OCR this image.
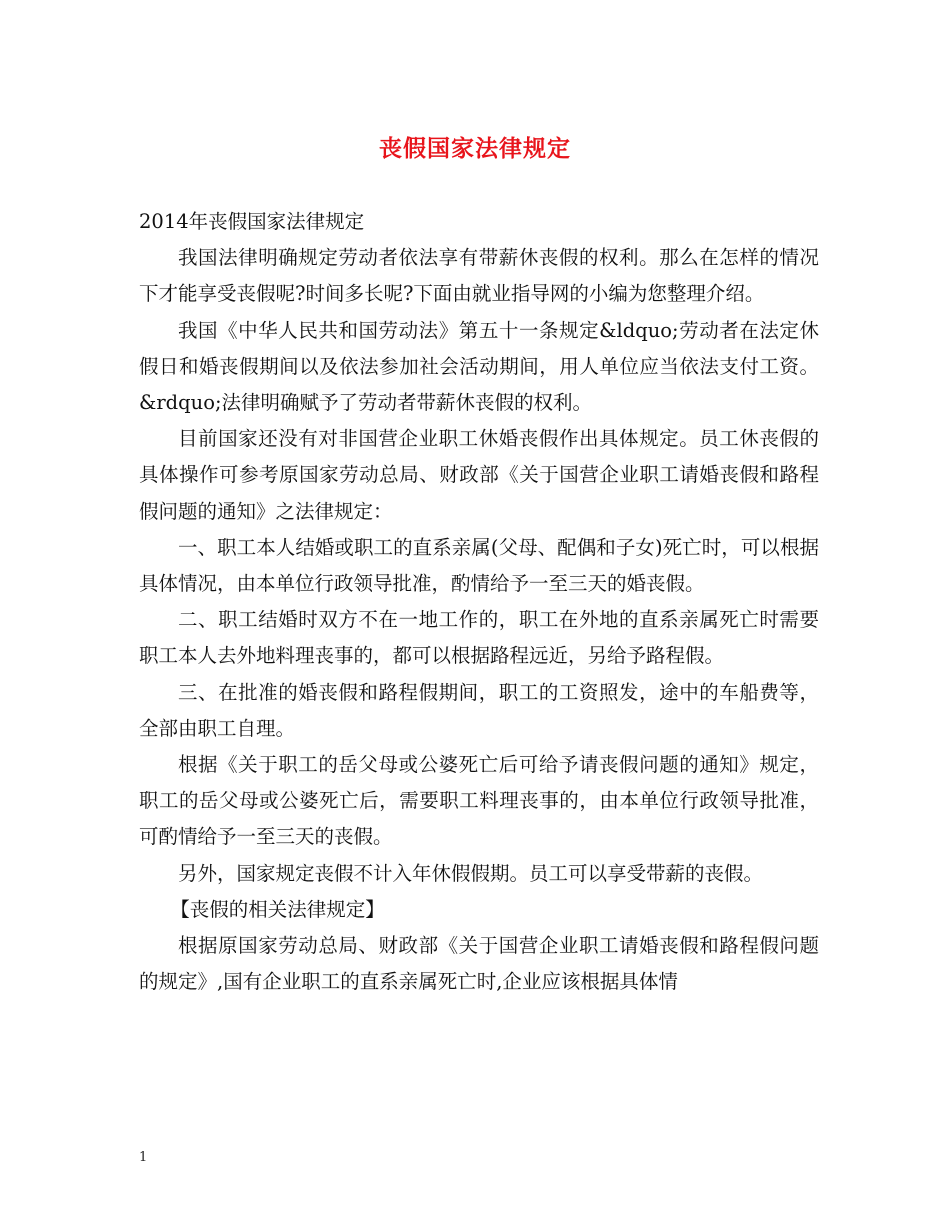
丧假国家法律规定

2014年丧假国家法律规定

我国法律明确规定劳动者依法享有带薪休丧假的权利。那么在怎样的情况下才能享受丧假呢?时间多长呢?下面由就业指导网的小编为您整理介绍。

我国《中华人民共和国劳动法》第五十一条规定&ldquo;劳动者在法定休假日和婚丧假期间以及依法参加社会活动期间，用人单位应当依法支付工资。&rdquo;法律明确赋予了劳动者带薪休丧假的权利。

目前国家还没有对非国营企业职工休婚丧假作出具体规定。员工休丧假的具体操作可参考原国家劳动总局、财政部《关于国营企业职工请婚丧假和路程假问题的通知》之法律规定：

一、职工本人结婚或职工的直系亲属(父母、配偶和子女)死亡时，可以根据具体情况，由本单位行政领导批准，酌情给予一至三天的婚丧假。

二、职工结婚时双方不在一地工作的，职工在外地的直系亲属死亡时需要职工本人去外地料理丧事的，都可以根据路程远近，另给予路程假。

三、在批准的婚丧假和路程假期间，职工的工资照发，途中的车船费等，全部由职工自理。

根据《关于职工的岳父母或公婆死亡后可给予请丧假问题的通知》规定，职工的岳父母或公婆死亡后，需要职工料理丧事的，由本单位行政领导批准，可酌情给予一至三天的丧假。

另外，国家规定丧假不计入年休假假期。员工可以享受带薪的丧假。

【丧假的相关法律规定】

根据原国家劳动总局、财政部《关于国营企业职工请婚丧假和路程假问题的规定》,国有企业职工的直系亲属死亡时,企业应该根据具体情

1
